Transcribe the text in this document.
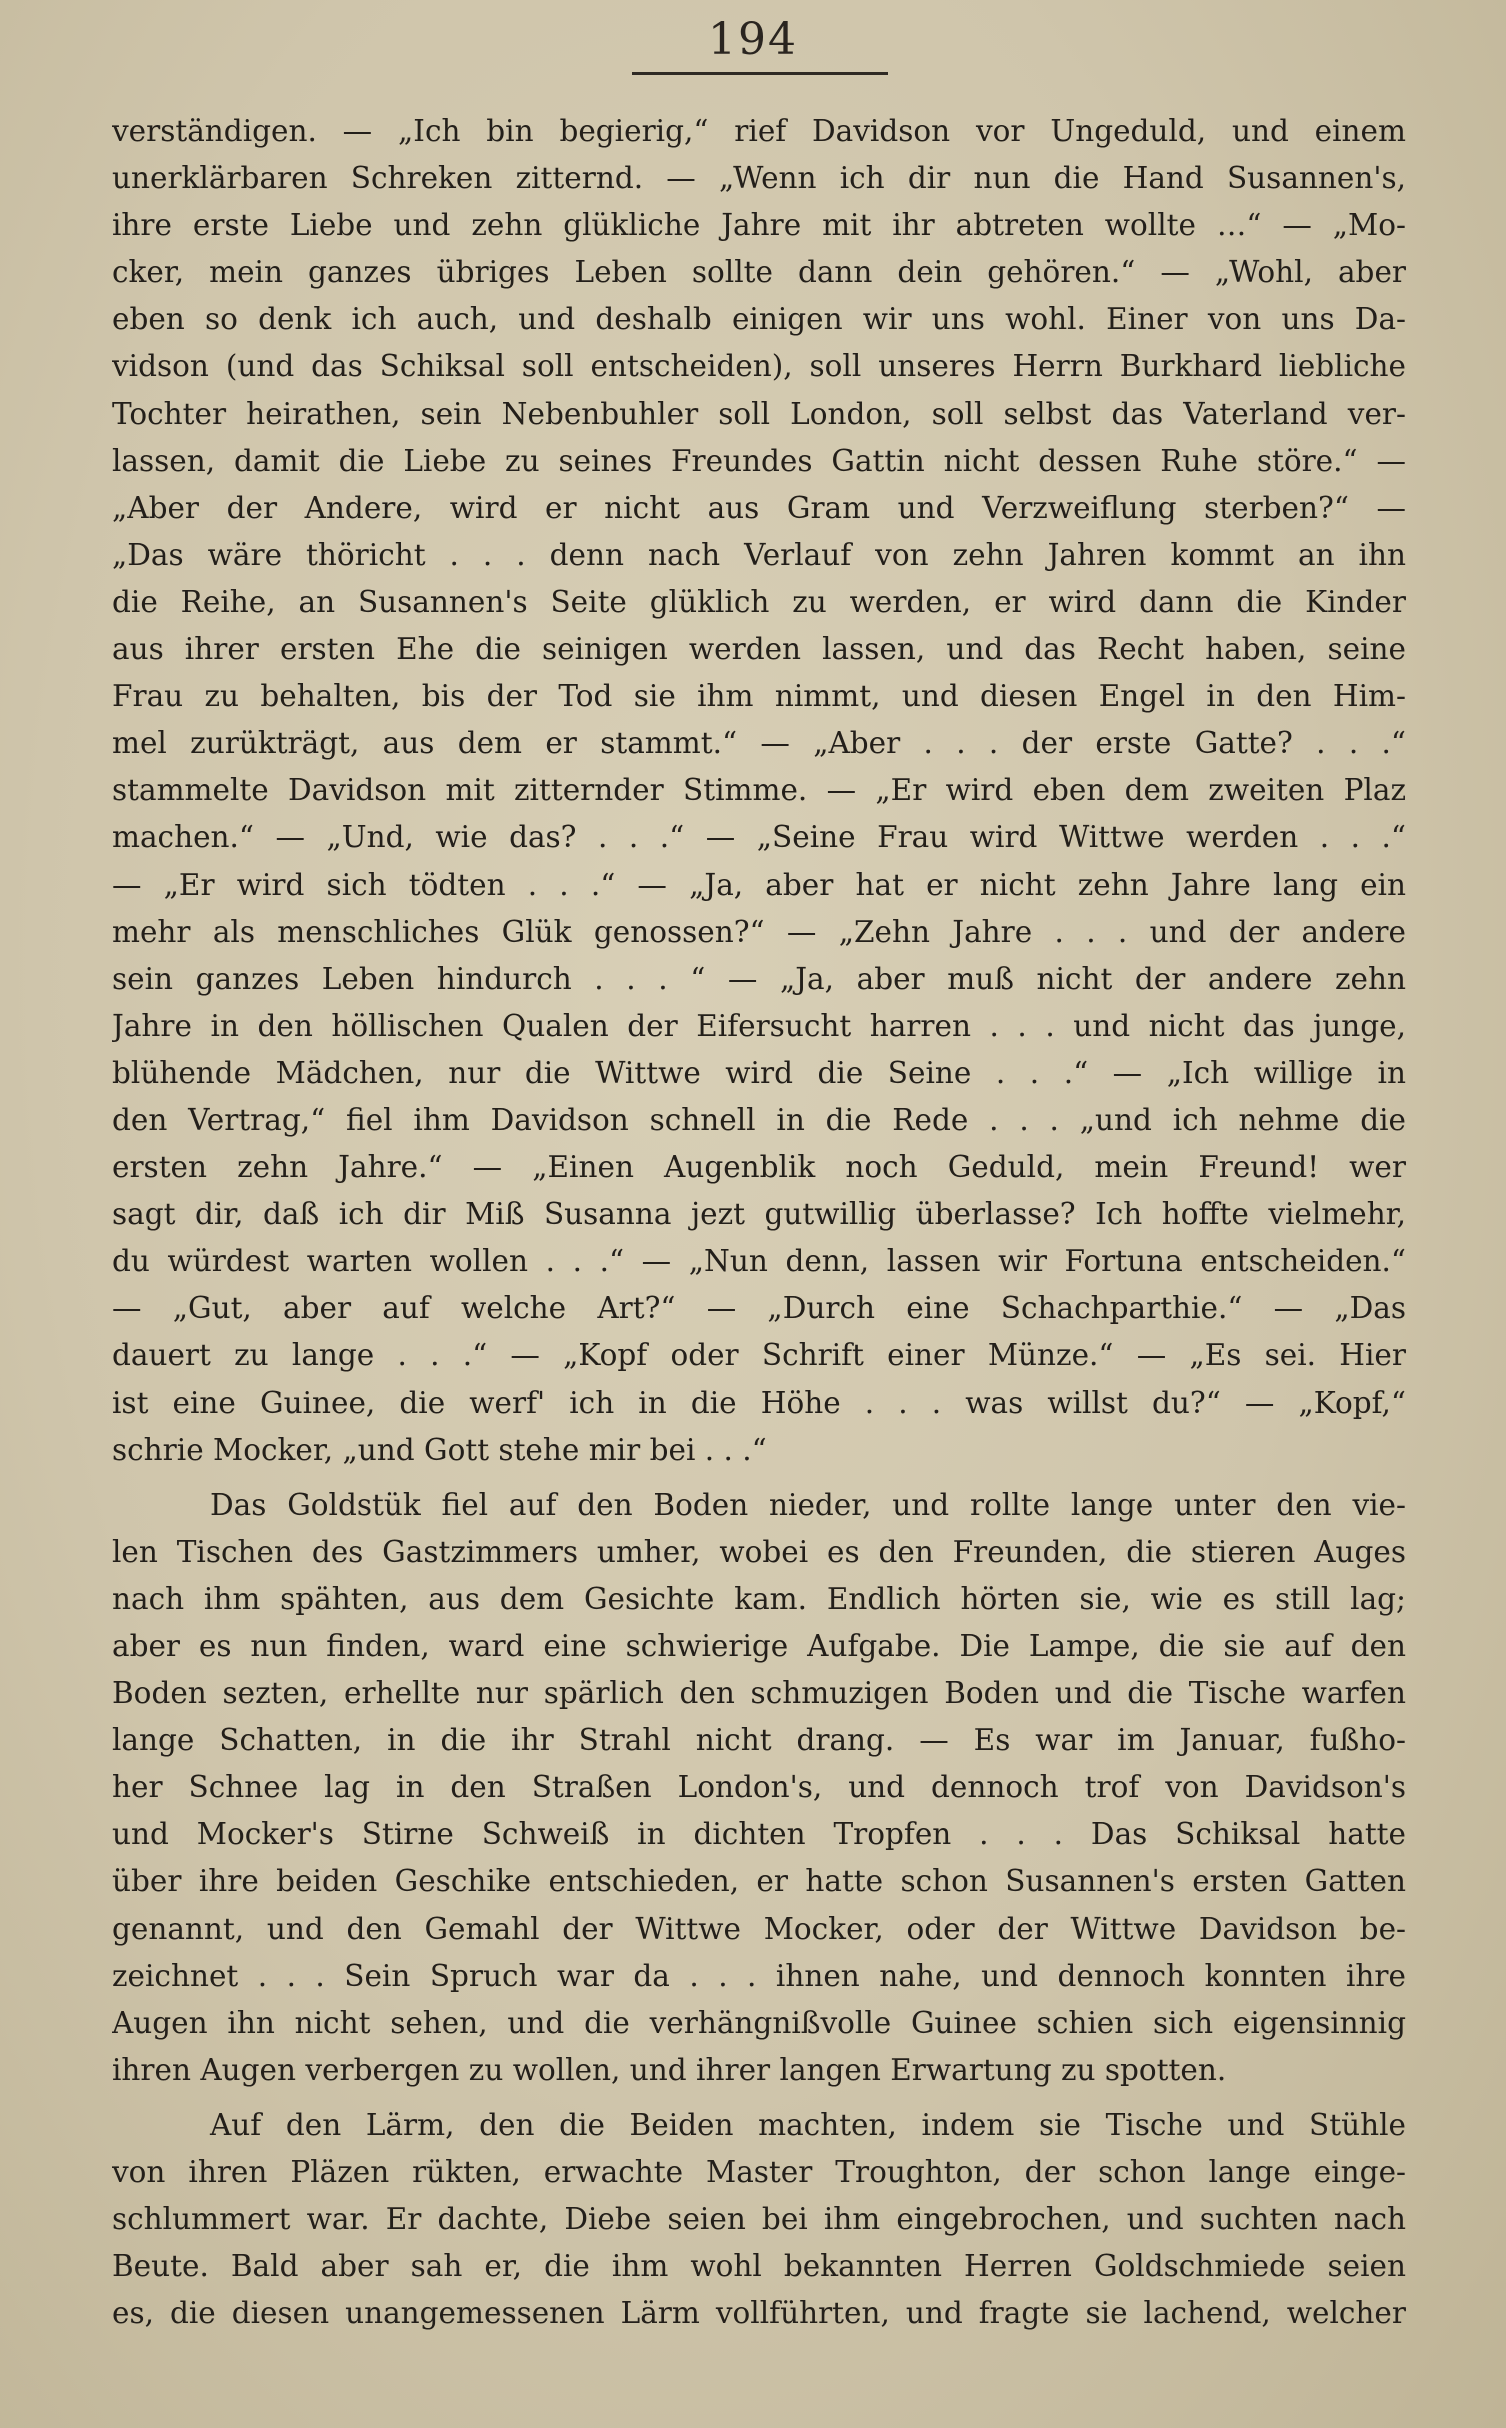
194
verständigen. — „Ich bin begierig,“ rief Davidson vor Ungeduld, und einem
unerklärbaren Schreken zitternd. — „Wenn ich dir nun die Hand Susannen's,
ihre erste Liebe und zehn glükliche Jahre mit ihr abtreten wollte …“ — „Mo-
cker, mein ganzes übriges Leben sollte dann dein gehören.“ — „Wohl, aber
eben so denk ich auch, und deshalb einigen wir uns wohl. Einer von uns Da-
vidson (und das Schiksal soll entscheiden), soll unseres Herrn Burkhard liebliche
Tochter heirathen, sein Nebenbuhler soll London, soll selbst das Vaterland ver-
lassen, damit die Liebe zu seines Freundes Gattin nicht dessen Ruhe störe.“ —
„Aber der Andere, wird er nicht aus Gram und Verzweiflung sterben?“ —
„Das wäre thöricht . . . denn nach Verlauf von zehn Jahren kommt an ihn
die Reihe, an Susannen's Seite glüklich zu werden, er wird dann die Kinder
aus ihrer ersten Ehe die seinigen werden lassen, und das Recht haben, seine
Frau zu behalten, bis der Tod sie ihm nimmt, und diesen Engel in den Him-
mel zurükträgt, aus dem er stammt.“ — „Aber . . . der erste Gatte? . . .“
stammelte Davidson mit zitternder Stimme. — „Er wird eben dem zweiten Plaz
machen.“ — „Und, wie das? . . .“ — „Seine Frau wird Wittwe werden . . .“
— „Er wird sich tödten . . .“ — „Ja, aber hat er nicht zehn Jahre lang ein
mehr als menschliches Glük genossen?“ — „Zehn Jahre . . . und der andere
sein ganzes Leben hindurch . . . “ — „Ja, aber muß nicht der andere zehn
Jahre in den höllischen Qualen der Eifersucht harren . . . und nicht das junge,
blühende Mädchen, nur die Wittwe wird die Seine . . .“ — „Ich willige in
den Vertrag,“ fiel ihm Davidson schnell in die Rede . . . „und ich nehme die
ersten zehn Jahre.“ — „Einen Augenblik noch Geduld, mein Freund! wer
sagt dir, daß ich dir Miß Susanna jezt gutwillig überlasse? Ich hoffte vielmehr,
du würdest warten wollen . . .“ — „Nun denn, lassen wir Fortuna entscheiden.“
— „Gut, aber auf welche Art?“ — „Durch eine Schachparthie.“ — „Das
dauert zu lange . . .“ — „Kopf oder Schrift einer Münze.“ — „Es sei. Hier
ist eine Guinee, die werf' ich in die Höhe . . . was willst du?“ — „Kopf,“
schrie Mocker, „und Gott stehe mir bei . . .“
Das Goldstük fiel auf den Boden nieder, und rollte lange unter den vie-
len Tischen des Gastzimmers umher, wobei es den Freunden, die stieren Auges
nach ihm spähten, aus dem Gesichte kam. Endlich hörten sie, wie es still lag;
aber es nun finden, ward eine schwierige Aufgabe. Die Lampe, die sie auf den
Boden sezten, erhellte nur spärlich den schmuzigen Boden und die Tische warfen
lange Schatten, in die ihr Strahl nicht drang. — Es war im Januar, fußho-
her Schnee lag in den Straßen London's, und dennoch trof von Davidson's
und Mocker's Stirne Schweiß in dichten Tropfen . . . Das Schiksal hatte
über ihre beiden Geschike entschieden, er hatte schon Susannen's ersten Gatten
genannt, und den Gemahl der Wittwe Mocker, oder der Wittwe Davidson be-
zeichnet . . . Sein Spruch war da . . . ihnen nahe, und dennoch konnten ihre
Augen ihn nicht sehen, und die verhängnißvolle Guinee schien sich eigensinnig
ihren Augen verbergen zu wollen, und ihrer langen Erwartung zu spotten.
Auf den Lärm, den die Beiden machten, indem sie Tische und Stühle
von ihren Pläzen rükten, erwachte Master Troughton, der schon lange einge-
schlummert war. Er dachte, Diebe seien bei ihm eingebrochen, und suchten nach
Beute. Bald aber sah er, die ihm wohl bekannten Herren Goldschmiede seien
es, die diesen unangemessenen Lärm vollführten, und fragte sie lachend, welcher
